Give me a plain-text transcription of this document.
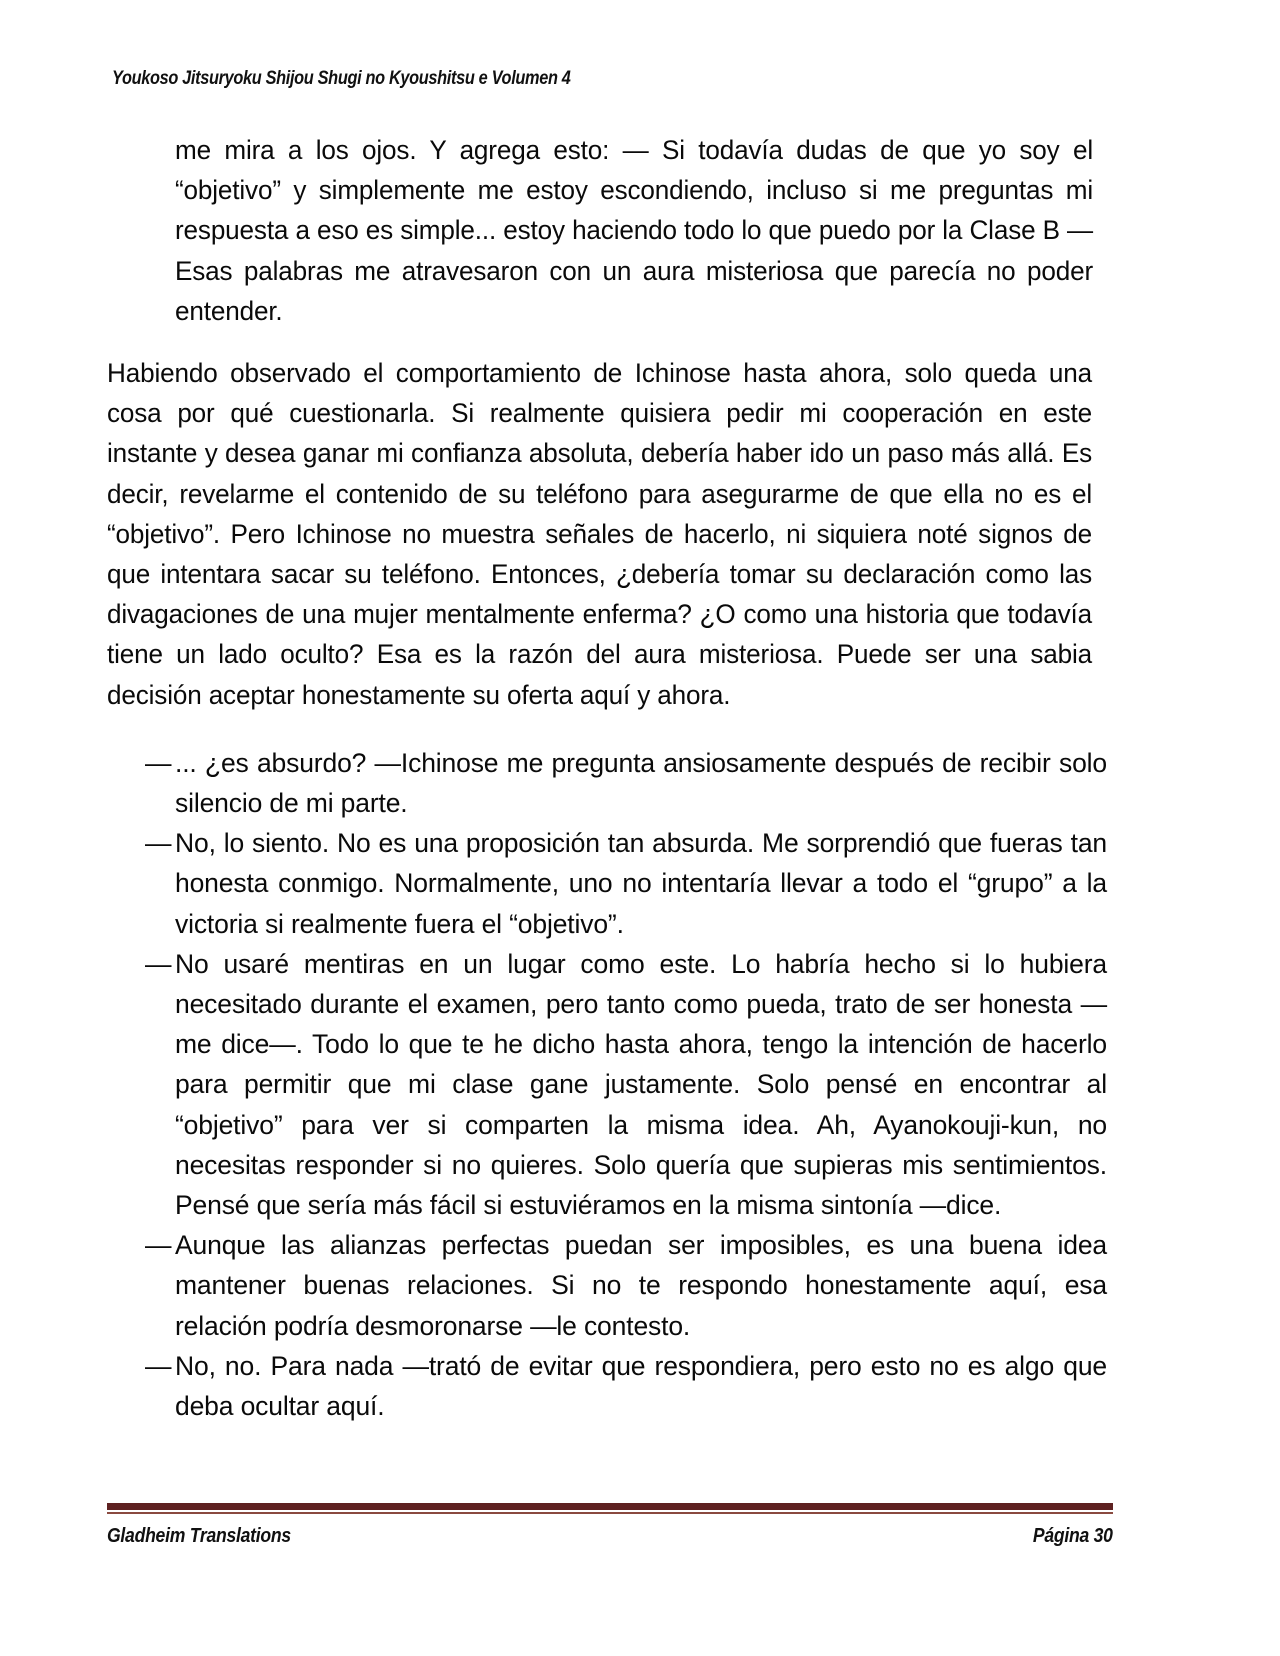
Youkoso Jitsuryoku Shijou Shugi no Kyoushitsu e Volumen 4

me mira a los ojos. Y agrega esto: — Si todavía dudas de que yo soy el “objetivo” y simplemente me estoy escondiendo, incluso si me preguntas mi respuesta a eso es simple... estoy haciendo todo lo que puedo por la Clase B —Esas palabras me atravesaron con un aura misteriosa que parecía no poder entender.

Habiendo observado el comportamiento de Ichinose hasta ahora, solo queda una cosa por qué cuestionarla. Si realmente quisiera pedir mi cooperación en este instante y desea ganar mi confianza absoluta, debería haber ido un paso más allá. Es decir, revelarme el contenido de su teléfono para asegurarme de que ella no es el “objetivo”. Pero Ichinose no muestra señales de hacerlo, ni siquiera noté signos de que intentara sacar su teléfono. Entonces, ¿debería tomar su declaración como las divagaciones de una mujer mentalmente enferma? ¿O como una historia que todavía tiene un lado oculto? Esa es la razón del aura misteriosa. Puede ser una sabia decisión aceptar honestamente su oferta aquí y ahora.

— ... ¿es absurdo? —Ichinose me pregunta ansiosamente después de recibir solo silencio de mi parte.
— No, lo siento. No es una proposición tan absurda. Me sorprendió que fueras tan honesta conmigo. Normalmente, uno no intentaría llevar a todo el “grupo” a la victoria si realmente fuera el “objetivo”.
— No usaré mentiras en un lugar como este. Lo habría hecho si lo hubiera necesitado durante el examen, pero tanto como pueda, trato de ser honesta —me dice—. Todo lo que te he dicho hasta ahora, tengo la intención de hacerlo para permitir que mi clase gane justamente. Solo pensé en encontrar al “objetivo” para ver si comparten la misma idea. Ah, Ayanokouji-kun, no necesitas responder si no quieres. Solo quería que supieras mis sentimientos. Pensé que sería más fácil si estuviéramos en la misma sintonía —dice.
— Aunque las alianzas perfectas puedan ser imposibles, es una buena idea mantener buenas relaciones. Si no te respondo honestamente aquí, esa relación podría desmoronarse —le contesto.
— No, no. Para nada —trató de evitar que respondiera, pero esto no es algo que deba ocultar aquí.
Gladheim Translations	Página 30
